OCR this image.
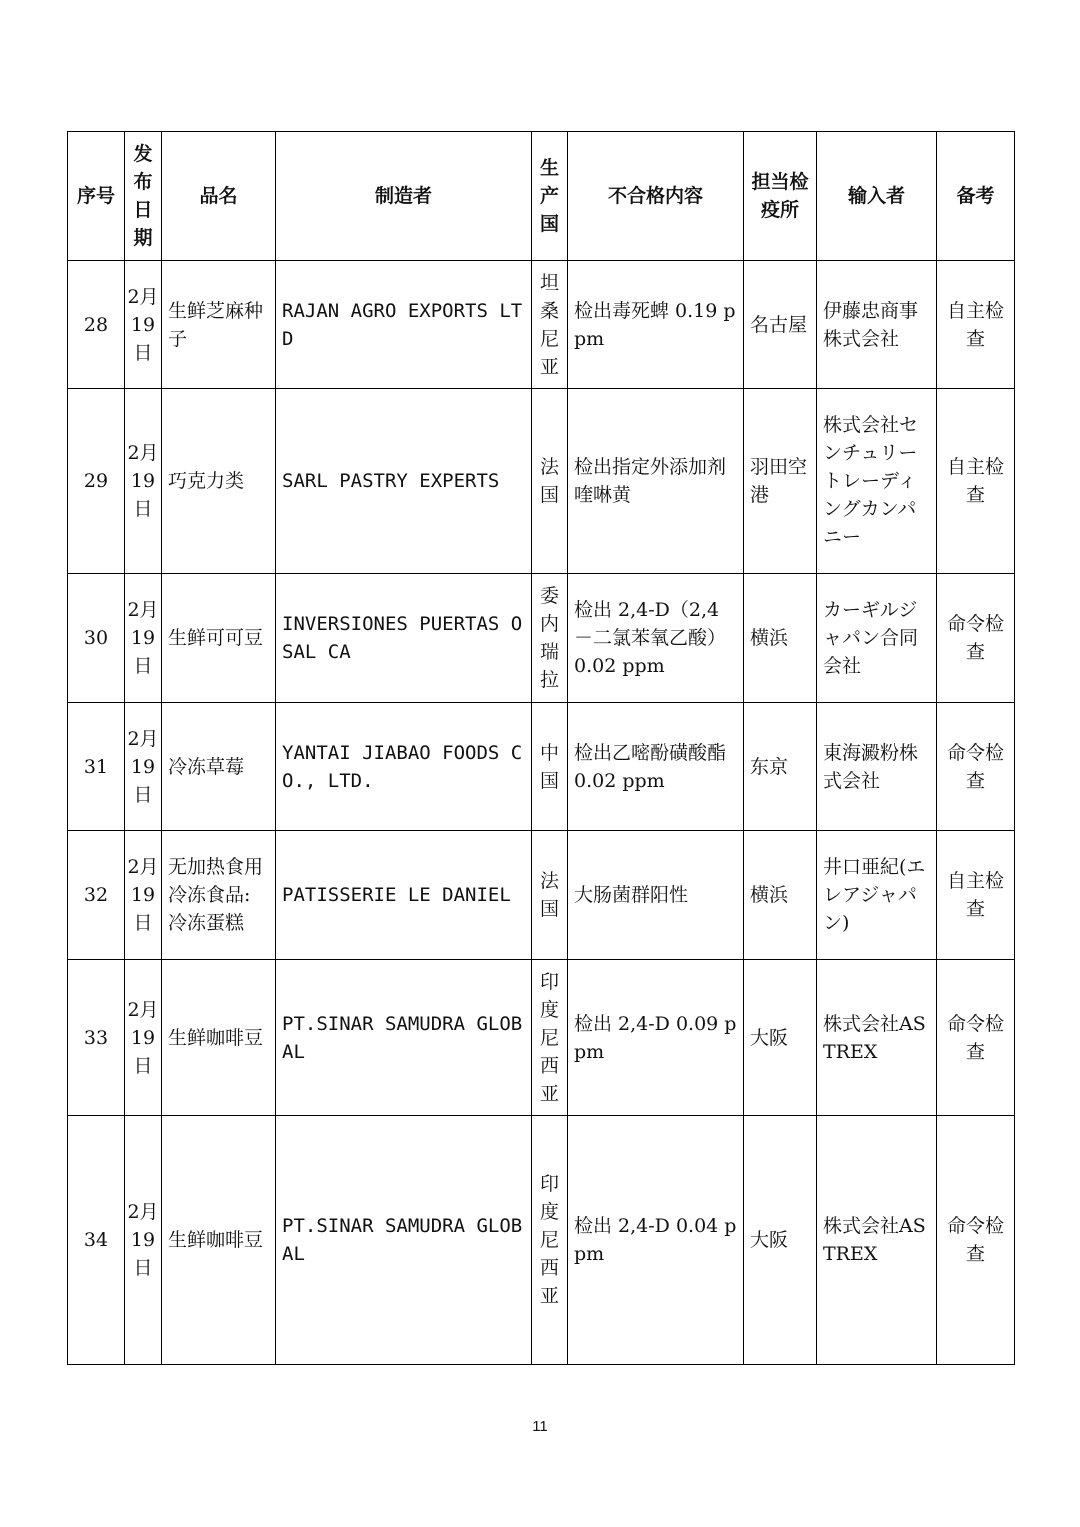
序号	发布日期	品名	制造者	生产国	不合格内容	担当检疫所	输入者	备考
28	2月19日	生鲜芝麻种子	RAJAN AGRO EXPORTS LTD	坦桑尼亚	检出毒死蜱 0.19 ppm	名古屋	伊藤忠商事株式会社	自主检查
29	2月19日	巧克力类	SARL PASTRY EXPERTS	法国	检出指定外添加剂喹啉黄	羽田空港	株式会社センチュリートレーディングカンパニー	自主检查
30	2月19日	生鲜可可豆	INVERSIONES PUERTAS OSAL CA	委内瑞拉	检出 2,4-D（2,4－二氯苯氧乙酸）0.02 ppm	横浜	カーギルジャパン合同会社	命令检查
31	2月19日	冷冻草莓	YANTAI JIABAO FOODS CO., LTD.	中国	检出乙嘧酚磺酸酯 0.02 ppm	东京	東海澱粉株式会社	命令检查
32	2月19日	无加热食用冷冻食品:冷冻蛋糕	PATISSERIE LE DANIEL	法国	大肠菌群阳性	横浜	井口亜紀(エレアジャパン)	自主检查
33	2月19日	生鲜咖啡豆	PT.SINAR SAMUDRA GLOBAL	印度尼西亚	检出 2,4-D 0.09 ppm	大阪	株式会社ASTREX	命令检查
34	2月19日	生鲜咖啡豆	PT.SINAR SAMUDRA GLOBAL	印度尼西亚	检出 2,4-D 0.04 ppm	大阪	株式会社ASTREX	命令检查
11
